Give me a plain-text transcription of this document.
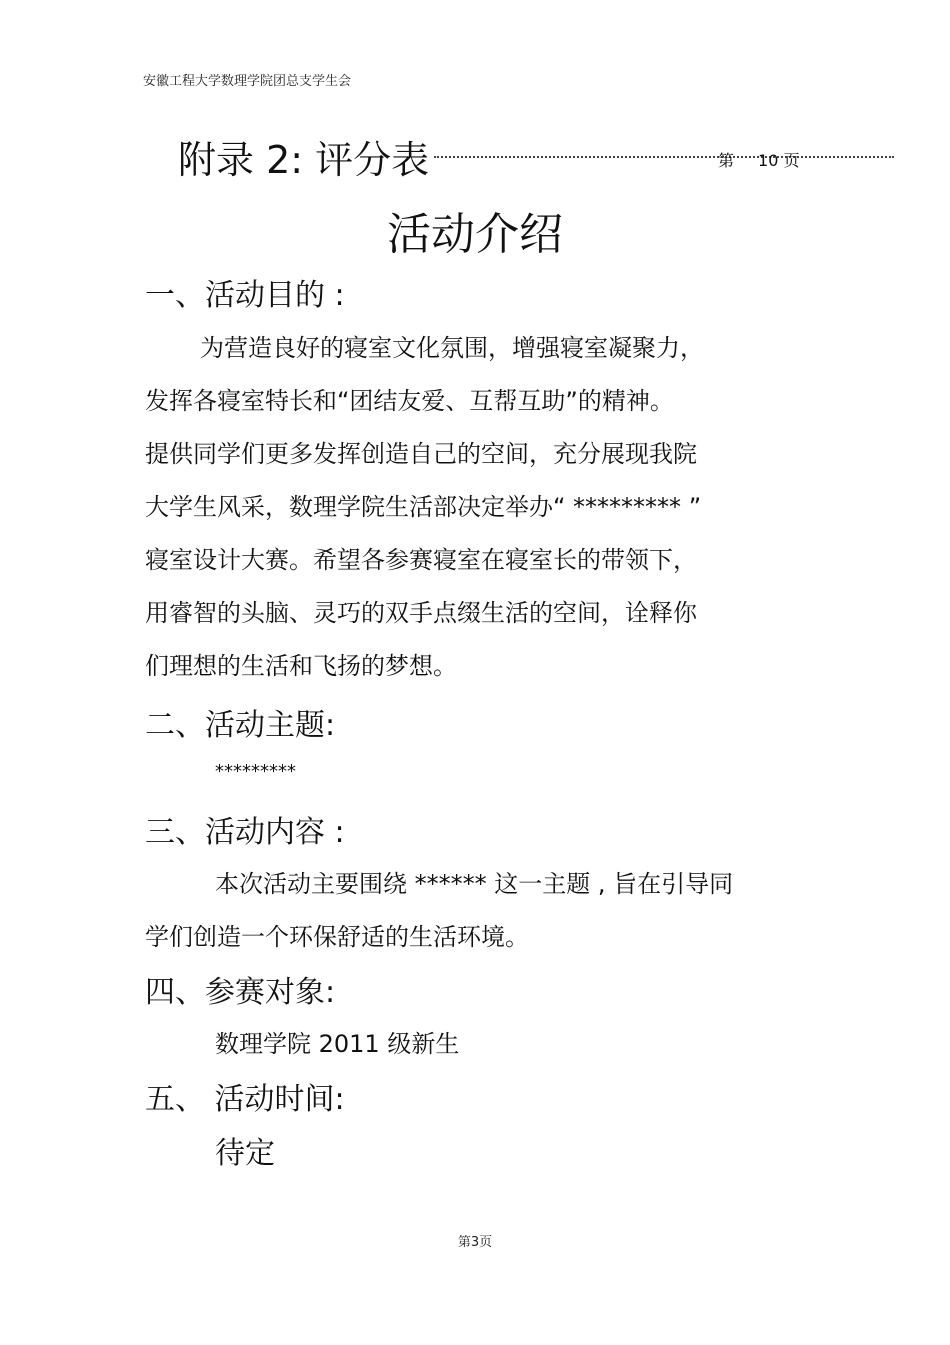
安徽工程大学数理学院团总支学生会
附录 2: 评分表	第 10 页
活动介绍
一、活动目的 :
为营造良好的寝室文化氛围，增强寝室凝聚力，
发挥各寝室特长和“团结友爱、互帮互助”的精神。
提供同学们更多发挥创造自己的空间，充分展现我院
大学生风采，数理学院生活部决定举办“ ********* ”
寝室设计大赛。希望各参赛寝室在寝室长的带领下，
用睿智的头脑、灵巧的双手点缀生活的空间，诠释你
们理想的生活和飞扬的梦想。
二、活动主题:
*********
三、活动内容 :
本次活动主要围绕 ****** 这一主题 , 旨在引导同
学们创造一个环保舒适的生活环境。
四、参赛对象:
数理学院 2011 级新生
五、 活动时间:
待定
第3页
